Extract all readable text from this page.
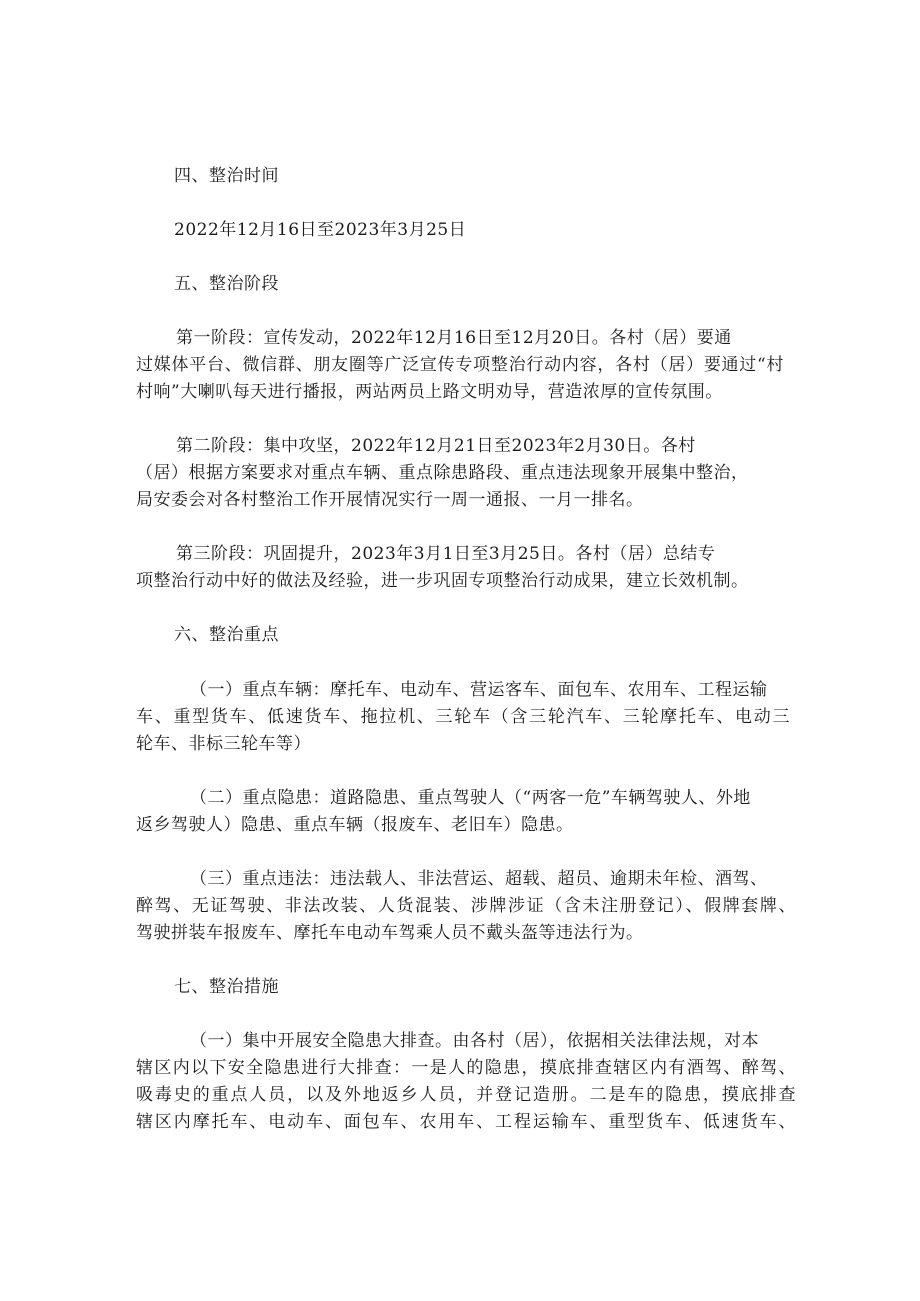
四、整治时间
2022年12月16日至2023年3月25日
五、整治阶段
第一阶段：宣传发动，2022年12月16日至12月20日。各村（居）要通
过媒体平台、微信群、朋友圈等广泛宣传专项整治行动内容，各村（居）要通过“村
村响”大喇叭每天进行播报，两站两员上路文明劝导，营造浓厚的宣传氛围。
第二阶段：集中攻坚，2022年12月21日至2023年2月30日。各村
（居）根据方案要求对重点车辆、重点除患路段、重点违法现象开展集中整治，
局安委会对各村整治工作开展情况实行一周一通报、一月一排名。
第三阶段：巩固提升，2023年3月1日至3月25日。各村（居）总结专
项整治行动中好的做法及经验，进一步巩固专项整治行动成果，建立长效机制。
六、整治重点
（一）重点车辆：摩托车、电动车、营运客车、面包车、农用车、工程运输
车、重型货车、低速货车、拖拉机、三轮车（含三轮汽车、三轮摩托车、电动三
轮车、非标三轮车等）
（二）重点隐患：道路隐患、重点驾驶人（“两客一危”车辆驾驶人、外地
返乡驾驶人）隐患、重点车辆（报废车、老旧车）隐患。
（三）重点违法：违法载人、非法营运、超载、超员、逾期未年检、酒驾、
醉驾、无证驾驶、非法改装、人货混装、涉牌涉证（含未注册登记）、假牌套牌、
驾驶拼装车报废车、摩托车电动车驾乘人员不戴头盔等违法行为。
七、整治措施
（一）集中开展安全隐患大排查。由各村（居），依据相关法律法规，对本
辖区内以下安全隐患进行大排查：一是人的隐患，摸底排查辖区内有酒驾、醉驾、
吸毒史的重点人员，以及外地返乡人员，并登记造册。二是车的隐患，摸底排查
辖区内摩托车、电动车、面包车、农用车、工程运输车、重型货车、低速货车、
